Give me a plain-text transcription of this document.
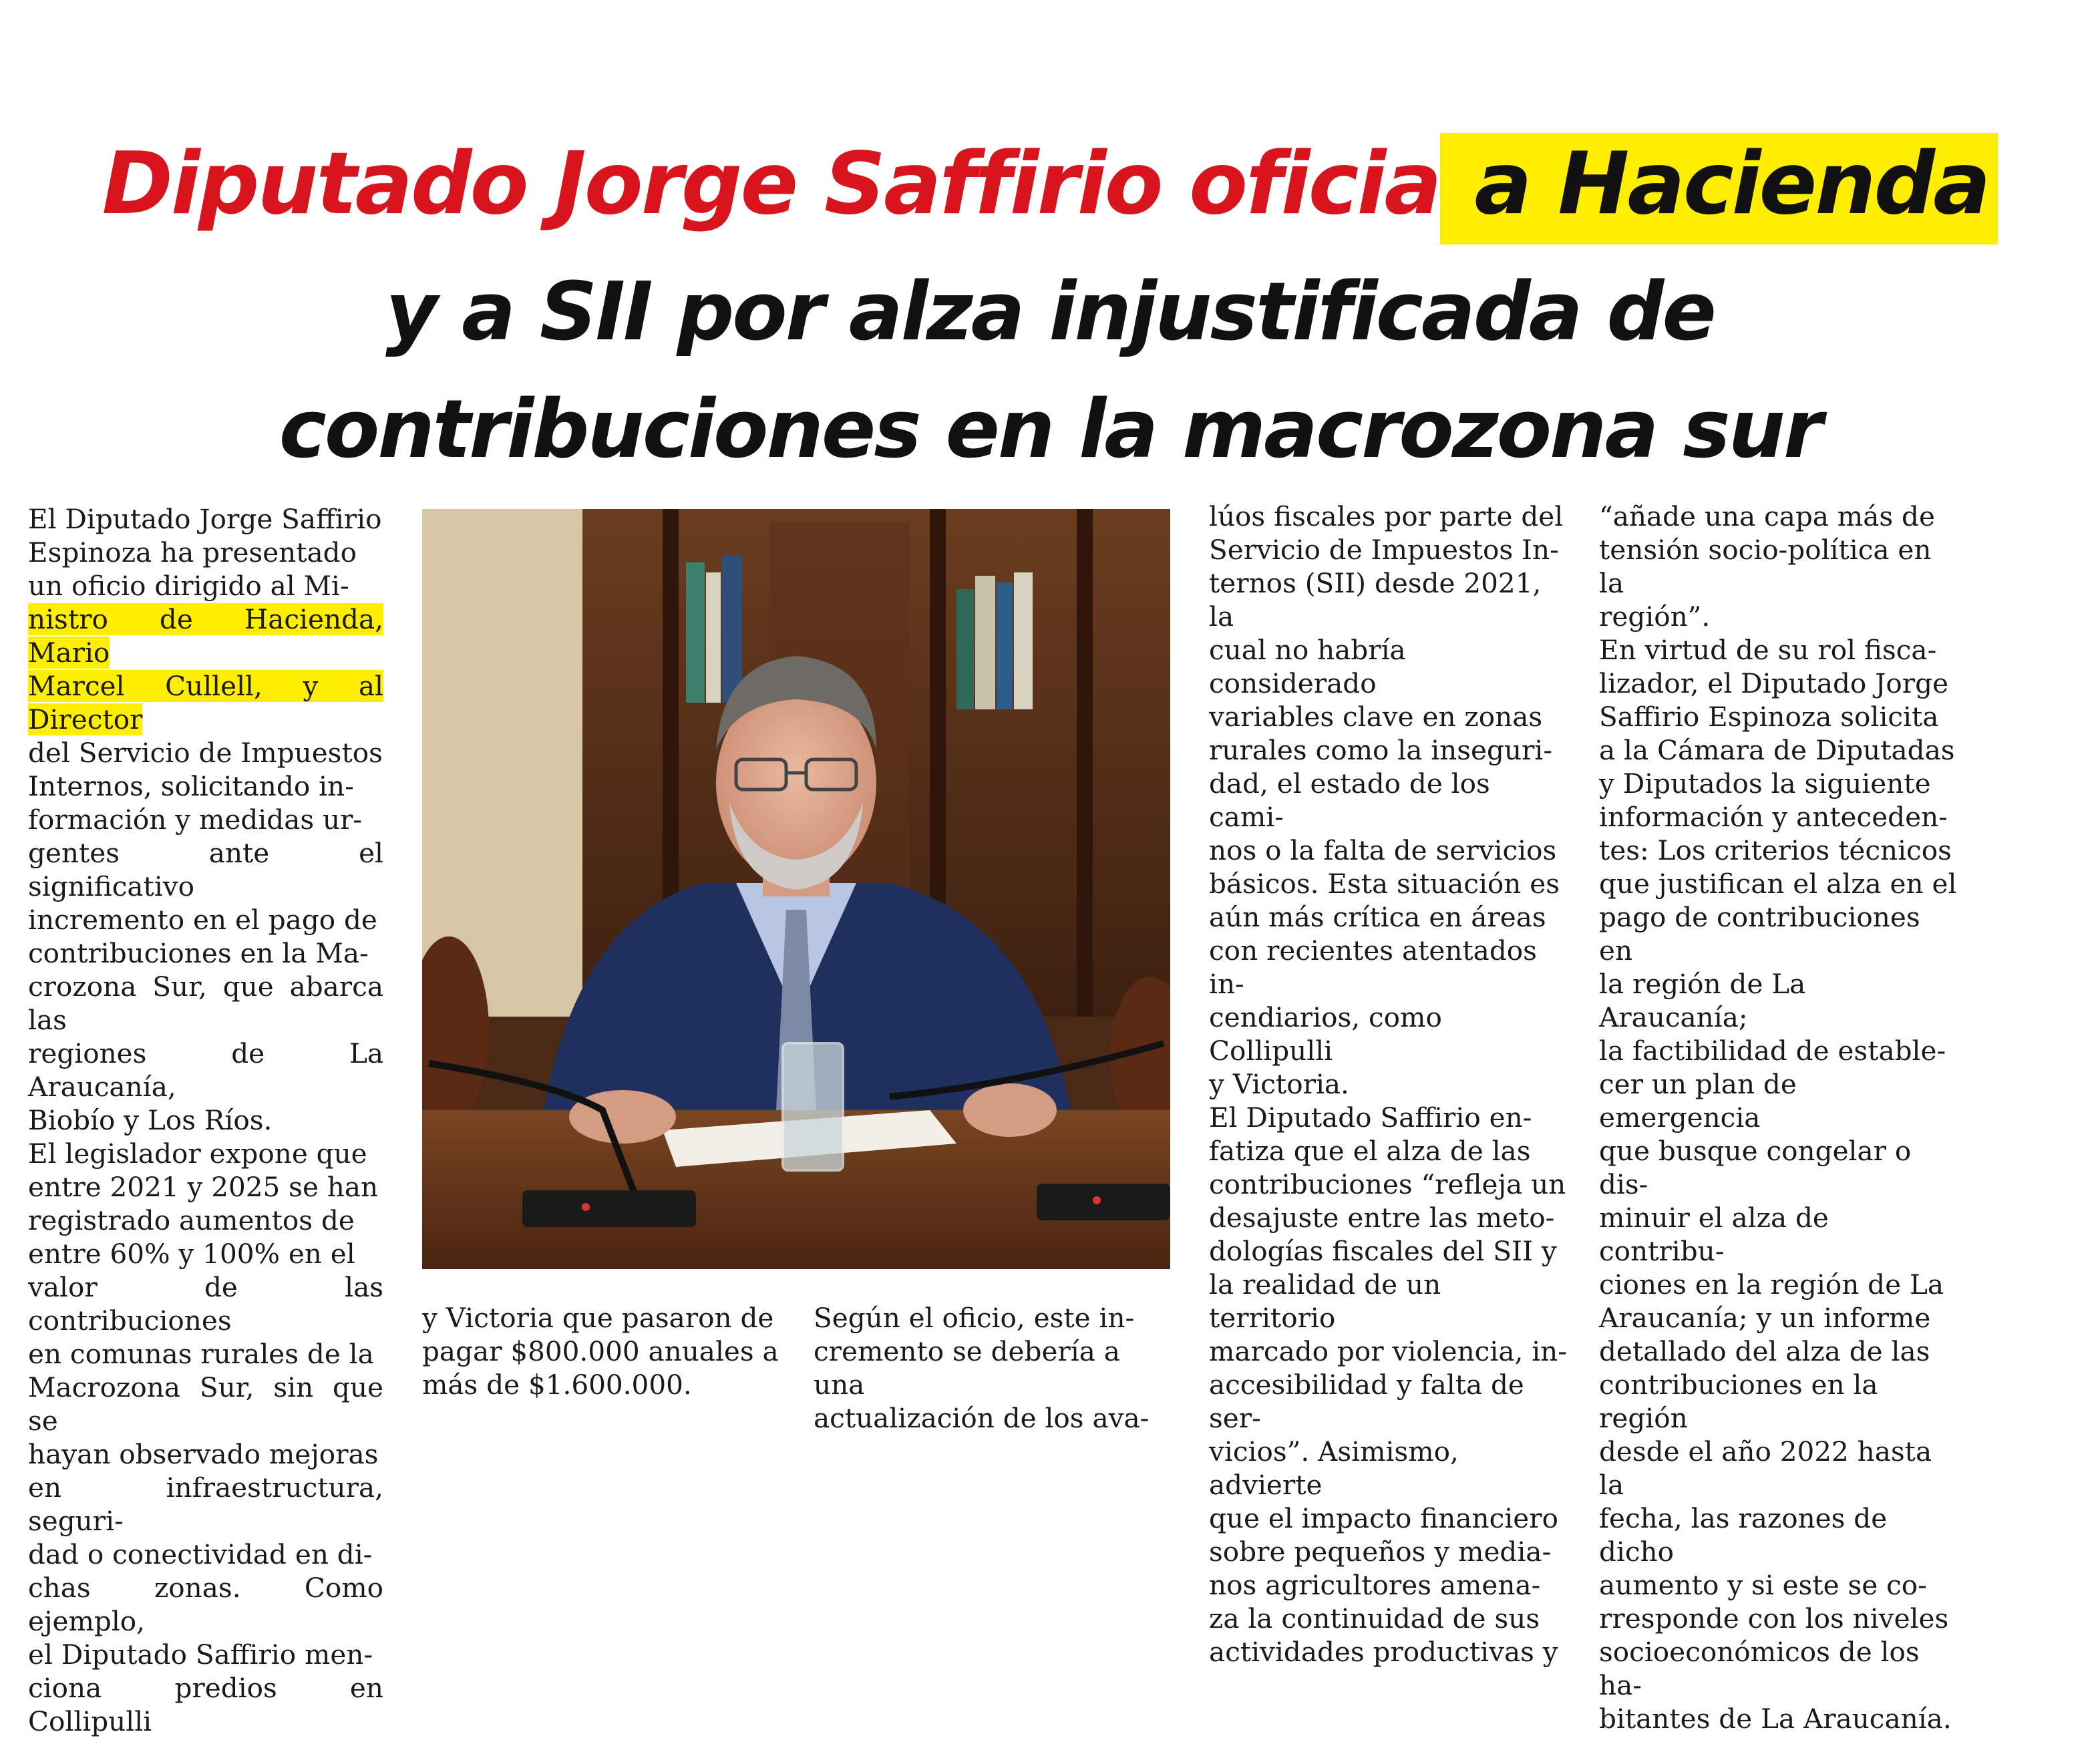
Diputado Jorge Saffirio oficia a Hacienda
y a SII por alza injustificada de
contribuciones en la macrozona sur

El Diputado Jorge Saffirio
Espinoza ha presentado
un oficio dirigido al Mi-
nistro de Hacienda, Mario
Marcel Cullell, y al Director
del Servicio de Impuestos
Internos, solicitando in-
formación y medidas ur-
gentes ante el significativo
incremento en el pago de
contribuciones en la Ma-
crozona Sur, que abarca las
regiones de La Araucanía,
Biobío y Los Ríos.
El legislador expone que
entre 2021 y 2025 se han
registrado aumentos de
entre 60% y 100% en el
valor de las contribuciones
en comunas rurales de la
Macrozona Sur, sin que se
hayan observado mejoras
en infraestructura, seguri-
dad o conectividad en di-
chas zonas. Como ejemplo,
el Diputado Saffirio men-
ciona predios en Collipulli

y Victoria que pasaron de
pagar $800.000 anuales a
más de $1.600.000.

Según el oficio, este in-
cremento se debería a una
actualización de los ava-

lúos fiscales por parte del
Servicio de Impuestos In-
ternos (SII) desde 2021, la
cual no habría considerado
variables clave en zonas
rurales como la inseguri-
dad, el estado de los cami-
nos o la falta de servicios
básicos. Esta situación es
aún más crítica en áreas
con recientes atentados in-
cendiarios, como Collipulli
y Victoria.
El Diputado Saffirio en-
fatiza que el alza de las
contribuciones “refleja un
desajuste entre las meto-
dologías fiscales del SII y
la realidad de un territorio
marcado por violencia, in-
accesibilidad y falta de ser-
vicios”. Asimismo, advierte
que el impacto financiero
sobre pequeños y media-
nos agricultores amena-
za la continuidad de sus
actividades productivas y

“añade una capa más de
tensión socio-política en la
región”.
En virtud de su rol fisca-
lizador, el Diputado Jorge
Saffirio Espinoza solicita
a la Cámara de Diputadas
y Diputados la siguiente
información y anteceden-
tes: Los criterios técnicos
que justifican el alza en el
pago de contribuciones en
la región de La Araucanía;
la factibilidad de estable-
cer un plan de emergencia
que busque congelar o dis-
minuir el alza de contribu-
ciones en la región de La
Araucanía; y un informe
detallado del alza de las
contribuciones en la región
desde el año 2022 hasta la
fecha, las razones de dicho
aumento y si este se co-
rresponde con los niveles
socioeconómicos de los ha-
bitantes de La Araucanía.
